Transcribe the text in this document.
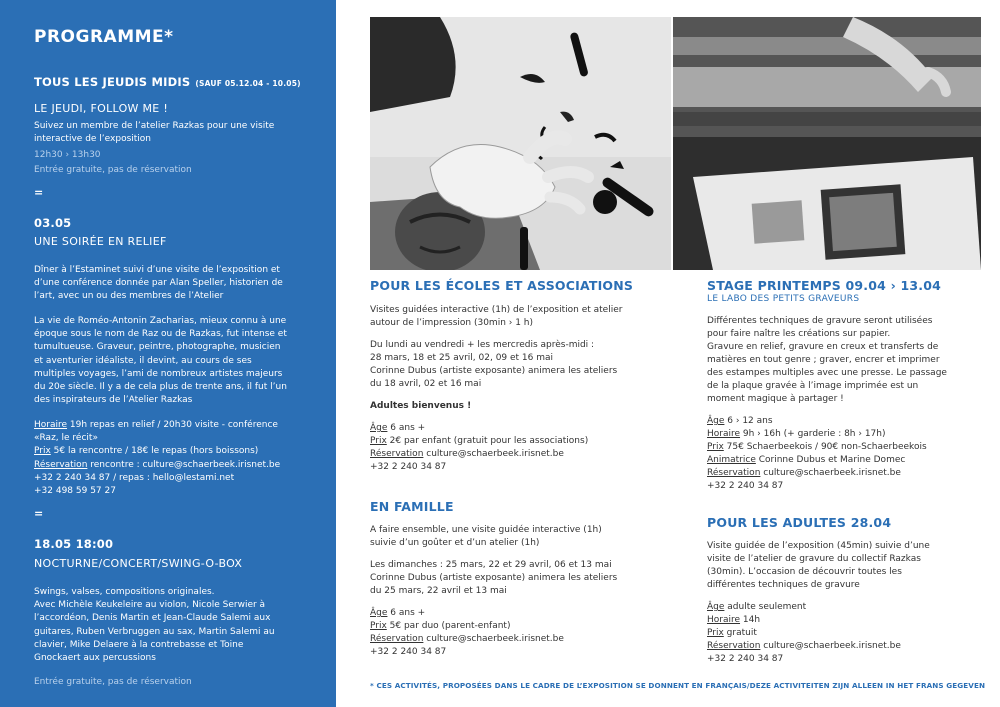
PROGRAMME*
TOUS LES JEUDIS MIDIS (SAUF 05.12.04 - 10.05)
LE JEUDI, FOLLOW ME !
Suivez un membre de l’atelier Razkas pour une visite
interactive de l’exposition
12h30 › 13h30
Entrée gratuite, pas de réservation
=
03.05
UNE SOIRÉE EN RELIEF
Dîner à l’Estaminet suivi d’une visite de l’exposition et
d’une conférence donnée par Alan Speller, historien de
l’art, avec un ou des membres de l’Atelier
La vie de Roméo-Antonin Zacharias, mieux connu à une
époque sous le nom de Raz ou de Razkas, fut intense et
tumultueuse. Graveur, peintre, photographe, musicien
et aventurier idéaliste, il devint, au cours de ses
multiples voyages, l’ami de nombreux artistes majeurs
du 20e siècle. Il y a de cela plus de trente ans, il fut l’un
des inspirateurs de l’Atelier Razkas
Horaire 19h repas en relief / 20h30 visite - conférence
«Raz, le récit»
Prix 5€ la rencontre / 18€ le repas (hors boissons)
Réservation rencontre : culture@schaerbeek.irisnet.be
+32 2 240 34 87 / repas : hello@lestami.net
+32 498 59 57 27
=
18.05 18:00
NOCTURNE/CONCERT/SWING-O-BOX
Swings, valses, compositions originales.
Avec Michèle Keukeleire au violon, Nicole Serwier à
l’accordéon, Denis Martin et Jean-Claude Salemi aux
guitares, Ruben Verbruggen au sax, Martin Salemi au
clavier, Mike Delaere à la contrebasse et Toine
Gnockaert aux percussions
Entrée gratuite, pas de réservation
POUR LES ÉCOLES ET ASSOCIATIONS
Visites guidées interactive (1h) de l’exposition et atelier
autour de l’impression (30min › 1 h)
Du lundi au vendredi + les mercredis après-midi :
28 mars, 18 et 25 avril, 02, 09 et 16 mai
Corinne Dubus (artiste exposante) animera les ateliers
du 18 avril, 02 et 16 mai
Adultes bienvenus !
Âge 6 ans +
Prix 2€ par enfant (gratuit pour les associations)
Réservation culture@schaerbeek.irisnet.be
+32 2 240 34 87
EN FAMILLE
A faire ensemble, une visite guidée interactive (1h)
suivie d’un goûter et d’un atelier (1h)
Les dimanches : 25 mars, 22 et 29 avril, 06 et 13 mai
Corinne Dubus (artiste exposante) animera les ateliers
du 25 mars, 22 avril et 13 mai
Âge 6 ans +
Prix 5€ par duo (parent-enfant)
Réservation culture@schaerbeek.irisnet.be
+32 2 240 34 87
STAGE PRINTEMPS 09.04 › 13.04
LE LABO DES PETITS GRAVEURS
Différentes techniques de gravure seront utilisées
pour faire naître les créations sur papier.
Gravure en relief, gravure en creux et transferts de
matières en tout genre ; graver, encrer et imprimer
des estampes multiples avec une presse. Le passage
de la plaque gravée à l’image imprimée est un
moment magique à partager !
Âge 6 › 12 ans
Horaire 9h › 16h (+ garderie : 8h › 17h)
Prix 75€ Schaerbeekois / 90€ non-Schaerbeekois
Animatrice Corinne Dubus et Marine Domec
Réservation culture@schaerbeek.irisnet.be
+32 2 240 34 87
POUR LES ADULTES 28.04
Visite guidée de l’exposition (45min) suivie d’une
visite de l’atelier de gravure du collectif Razkas
(30min). L’occasion de découvrir toutes les
différentes techniques de gravure
Âge adulte seulement
Horaire 14h
Prix gratuit
Réservation culture@schaerbeek.irisnet.be
+32 2 240 34 87
* CES ACTIVITÉS, PROPOSÉES DANS LE CADRE DE L’EXPOSITION SE DONNENT EN FRANÇAIS/DEZE ACTIVITEITEN ZIJN ALLEEN IN HET FRANS GEGEVEN
